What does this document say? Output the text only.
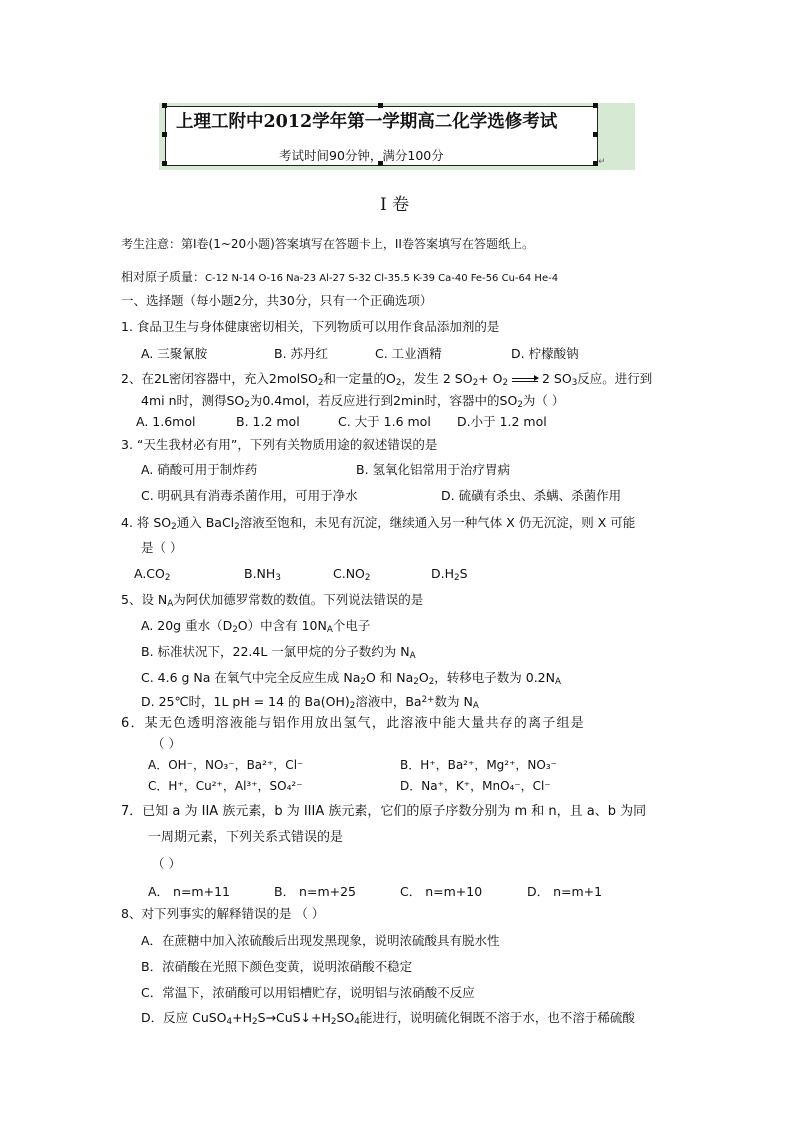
上理工附中2012学年第一学期高二化学选修考试
考试时间90分钟，满分100分	↵
I 卷
考生注意：第I卷(1~20小题)答案填写在答题卡上，II卷答案填写在答题纸上。
相对原子质量：C-12 N-14 O-16 Na-23 Al-27 S-32 Cl-35.5 K-39 Ca-40 Fe-56 Cu-64 He-4
一、选择题（每小题2分，共30分，只有一个正确选项）
1. 食品卫生与身体健康密切相关，下列物质可以用作食品添加剂的是
A. 三聚氰胺	B. 苏丹红	C. 工业酒精	D. 柠檬酸钠
2、在2L密闭容器中，充入2molSO$_2$和一定量的$O_2$，发生 2 $SO_2+ O_2$
2 $SO_3$反应。进行到
4mi n时，测得$SO_2$为0.4mol，若反应进行到2min时，容器中的$SO_2$为（ ）
A. 1.6mol	B. 1.2 mol	C. 大于 1.6 mol D.小于 1.2 mol
3. “天生我材必有用”，下列有关物质用途的叙述错误的是
A. 硝酸可用于制炸药	B. 氢氧化铝常用于治疗胃病
C. 明矾具有消毒杀菌作用，可用于净水	D. 硫磺有杀虫、杀螨、杀菌作用
4. 将 $SO_2$通入 BaCl$_2$溶液至饱和，未见有沉淀，继续通入另一种气体 X 仍无沉淀，则 X 可能
是（ ）
$A.CO_2$	$B.NH_3$	$C.NO_2$	$D.H_2S$
5、设 $N_A$为阿伏加德罗常数的数值。下列说法错误的是
A. 20g 重水$(D_2O)$中含有 $10N_A$个电子
B. 标准状况下，22.4L 一氯甲烷的分子数约为 $N_A$
C. 4.6 g Na 在氧气中完全反应生成 $Na_2O$ 和 $Na_2O_2$，转移电子数为 $0.2N_A$
D. 25℃时，1L pH = 14 的 $Ba(OH)_2$溶液中，$Ba^{2+}$数为 $N_A$
6．某无色透明溶液能与铝作用放出氢气，此溶液中能大量共存的离子组是
（ ）
A．OH⁻，NO₃⁻，Ba²⁺，Cl⁻	B．H⁺，Ba²⁺，Mg²⁺，NO₃⁻
C．H⁺，Cu²⁺，Al³⁺，SO₄²⁻	D．Na⁺，K⁺，MnO₄⁻，Cl⁻
7．已知 a 为 IIA 族元素，b 为 IIIA 族元素，它们的原子序数分别为 m 和 n，且 a、b 为同
一周期元素，下列关系式错误的是
（ ）
A． n=m+11	B． n=m+25	C． n=m+10	D． n=m+1
8、对下列事实的解释错误的是 （ ）
A．在蔗糖中加入浓硫酸后出现发黑现象，说明浓硫酸具有脱水性
B．浓硝酸在光照下颜色变黄，说明浓硝酸不稳定
C．常温下，浓硝酸可以用铝槽贮存，说明铝与浓硝酸不反应
D．反应 $CuSO_4+H_2S\to CuS↓+H_2SO_4$能进行，说明硫化铜既不溶于水，也不溶于稀硫酸
